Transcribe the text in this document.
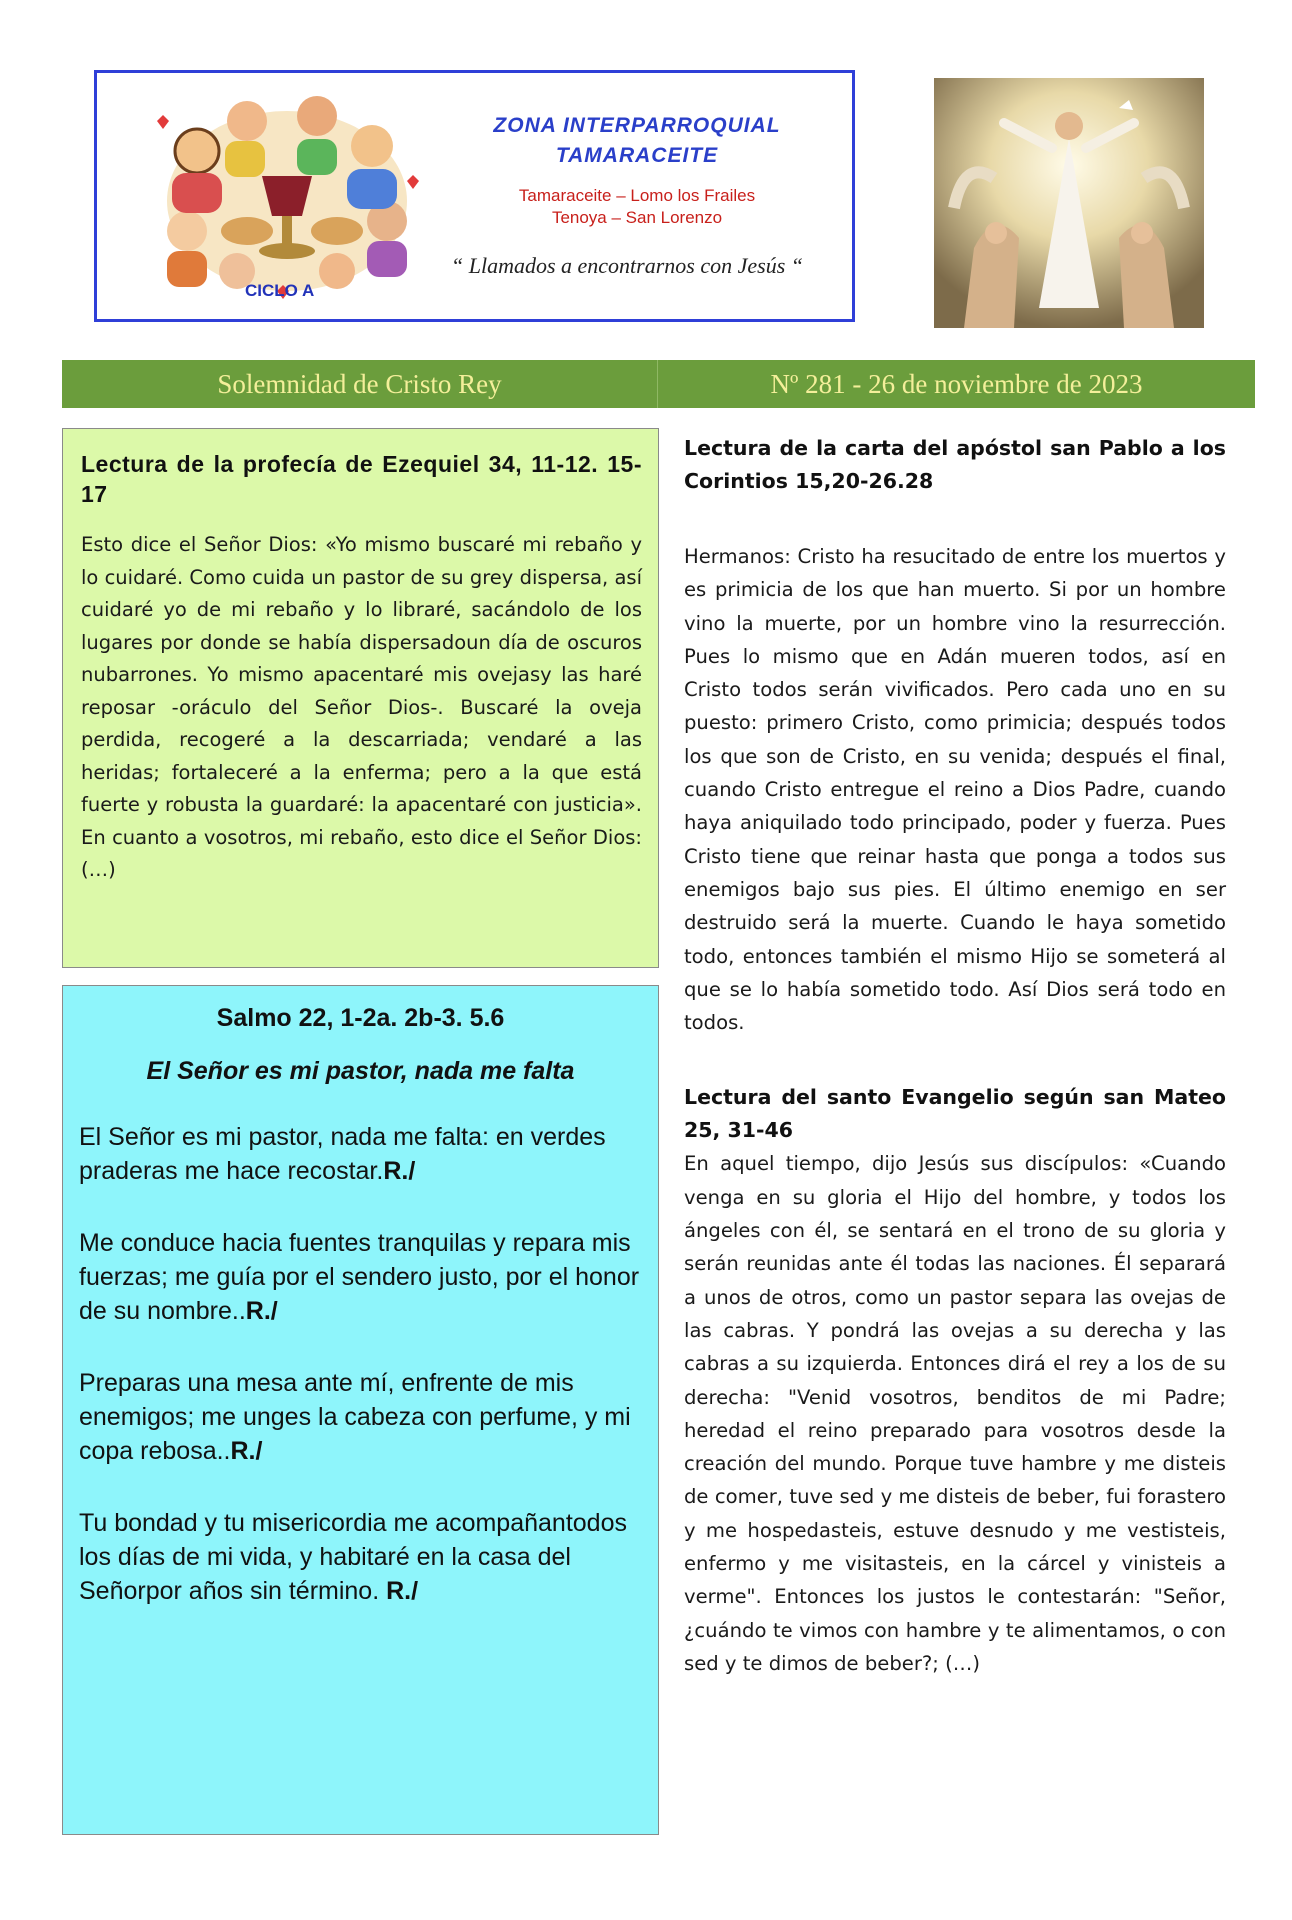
ZONA INTERPARROQUIAL
TAMARACEITE
Tamaraceite – Lomo los Frailes
Tenoya – San Lorenzo
“ Llamados a encontrarnos con Jesús “
CICLO A
Solemnidad de Cristo Rey	Nº 281 - 26 de noviembre de 2023
Lectura de la profecía de Ezequiel 34, 11-12. 15-17

Esto dice el Señor Dios: «Yo mismo buscaré mi rebaño y lo cuidaré. Como cuida un pastor de su grey dispersa, así cuidaré yo de mi rebaño y lo libraré, sacándolo de los lugares por donde se había dispersadoun día de oscuros nubarrones. Yo mismo apacentaré mis ovejasy las haré reposar -oráculo del Señor Dios-. Buscaré la oveja perdida, recogeré a la descarriada; vendaré a las heridas; fortaleceré a la enferma; pero a la que está fuerte y robusta la guardaré: la apacentaré con justicia». En cuanto a vosotros, mi rebaño, esto dice el Señor Dios: (…)

Salmo 22, 1-2a. 2b-3. 5.6
El Señor es mi pastor, nada me falta
El Señor es mi pastor, nada me falta: en verdes praderas me hace recostar.R./
Me conduce hacia fuentes tranquilas y repara mis fuerzas; me guía por el sendero justo, por el honor de su nombre..R./
Preparas una mesa ante mí, enfrente de mis enemigos; me unges la cabeza con perfume, y mi copa rebosa..R./
Tu bondad y tu misericordia me acompañantodos los días de mi vida, y habitaré en la casa del Señorpor años sin término. R./
Lectura de la carta del apóstol san Pablo a los Corintios 15,20-26.28

Hermanos: Cristo ha resucitado de entre los muertos y es primicia de los que han muerto. Si por un hombre vino la muerte, por un hombre vino la resurrección. Pues lo mismo que en Adán mueren todos, así en Cristo todos serán vivificados. Pero cada uno en su puesto: primero Cristo, como primicia; después todos los que son de Cristo, en su venida; después el final, cuando Cristo entregue el reino a Dios Padre, cuando haya aniquilado todo principado, poder y fuerza. Pues Cristo tiene que reinar hasta que ponga a todos sus enemigos bajo sus pies. El último enemigo en ser destruido será la muerte. Cuando le haya sometido todo, entonces también el mismo Hijo se someterá al que se lo había sometido todo. Así Dios será todo en todos.

Lectura del santo Evangelio según san Mateo 25, 31-46

En aquel tiempo, dijo Jesús sus discípulos: «Cuando venga en su gloria el Hijo del hombre, y todos los ángeles con él, se sentará en el trono de su gloria y serán reunidas ante él todas las naciones. Él separará a unos de otros, como un pastor separa las ovejas de las cabras. Y pondrá las ovejas a su derecha y las cabras a su izquierda. Entonces dirá el rey a los de su derecha: "Venid vosotros, benditos de mi Padre; heredad el reino preparado para vosotros desde la creación del mundo. Porque tuve hambre y me disteis de comer, tuve sed y me disteis de beber, fui forastero y me hospedasteis, estuve desnudo y me vestisteis, enfermo y me visitasteis, en la cárcel y vinisteis a verme". Entonces los justos le contestarán: "Señor, ¿cuándo te vimos con hambre y te alimentamos, o con sed y te dimos de beber?; (…)
